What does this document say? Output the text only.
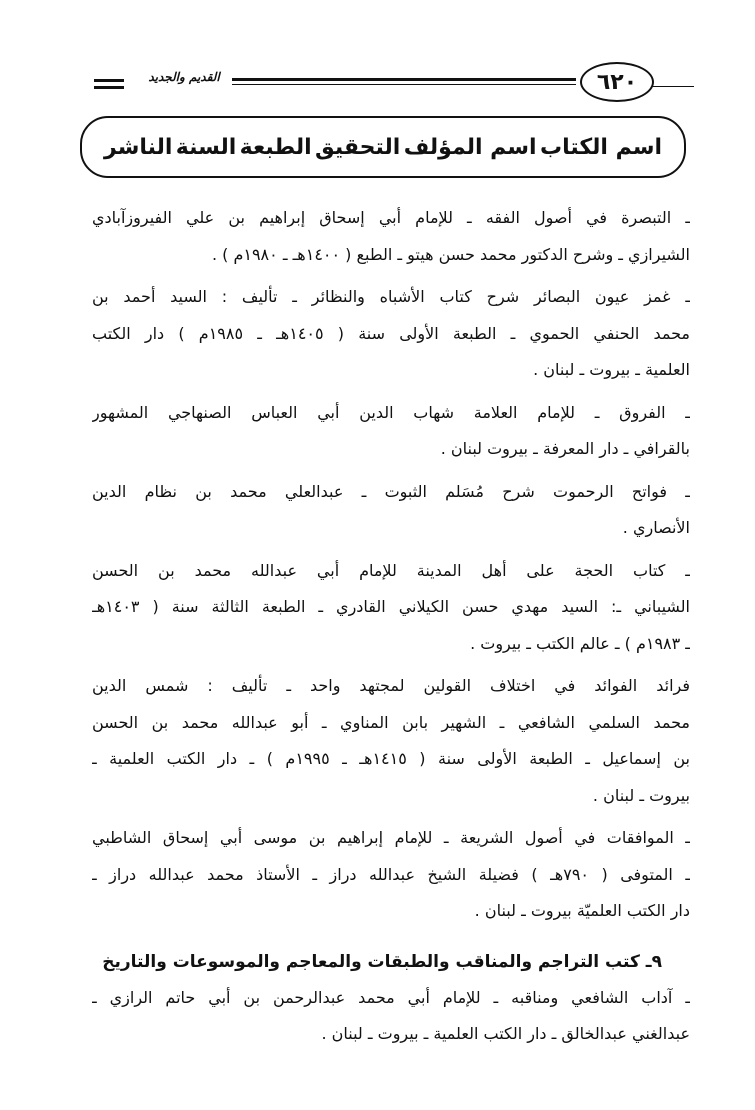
٦٢٠
القديم والجديد
اسم الكتاب
اسم المؤلف
التحقيق
الطبعة
السنة
الناشر
ـ التبصرة في أصول الفقه ـ للإمام أبي إسحاق إبراهيم بن علي الفيروزآبادي
الشيرازي ـ وشرح الدكتور محمد حسن هيتو ـ الطبع ( ١٤٠٠هـ ـ ١٩٨٠م ) .
ـ غمز عيون البصائر شرح كتاب الأشباه والنظائر ـ تأليف : السيد أحمد بن
محمد الحنفي الحموي ـ الطبعة الأولى سنة ( ١٤٠٥هـ ـ ١٩٨٥م ) دار الكتب
العلمية ـ بيروت ـ لبنان .
ـ الفروق ـ للإمام العلامة شهاب الدين أبي العباس الصنهاجي المشهور
بالقرافي ـ دار المعرفة ـ بيروت لبنان .
ـ فواتح الرحموت شرح مُسَلم الثبوت ـ عبدالعلي محمد بن نظام الدين
الأنصاري .
ـ كتاب الحجة على أهل المدينة للإمام أبي عبدالله محمد بن الحسن
الشيباني ـ: السيد مهدي حسن الكيلاني القادري ـ الطبعة الثالثة سنة ( ١٤٠٣هـ
ـ ١٩٨٣م ) ـ عالم الكتب ـ بيروت .
فرائد الفوائد في اختلاف القولين لمجتهد واحد ـ تأليف : شمس الدين
محمد السلمي الشافعي ـ الشهير بابن المناوي ـ أبو عبدالله محمد بن الحسن
بن إسماعيل ـ الطبعة الأولى سنة ( ١٤١٥هـ ـ ١٩٩٥م ) ـ دار الكتب العلمية ـ
بيروت ـ لبنان .
ـ الموافقات في أصول الشريعة ـ للإمام إبراهيم بن موسى أبي إسحاق الشاطبي
ـ المتوفى ( ٧٩٠هـ ) فضيلة الشيخ عبدالله دراز ـ الأستاذ محمد عبدالله دراز ـ
دار الكتب العلميّة بيروت ـ لبنان .
٩ـ كتب التراجم والمناقب والطبقات والمعاجم والموسوعات والتاريخ
ـ آداب الشافعي ومناقبه ـ للإمام أبي محمد عبدالرحمن بن أبي حاتم الرازي ـ
عبدالغني عبدالخالق ـ دار الكتب العلمية ـ بيروت ـ لبنان .
